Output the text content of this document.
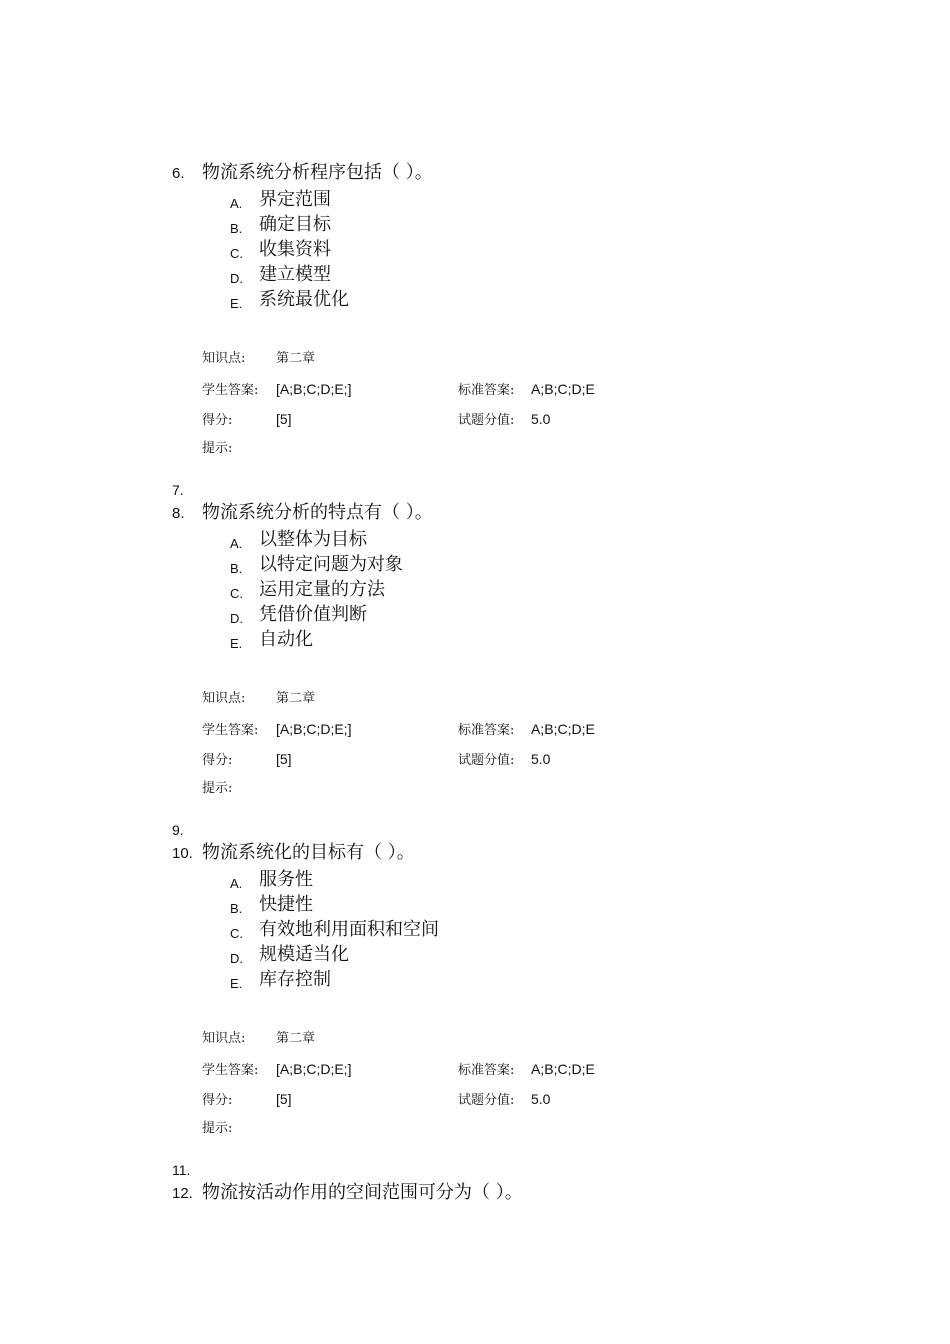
6. 物流系统分析程序包括（ ）。
A. 界定范围
B. 确定目标
C. 收集资料
D. 建立模型
E. 系统最优化
知识点: 第二章
学生答案: [A;B;C;D;E;]	标准答案: A;B;C;D;E
得分:	[5]	试题分值: 5.0
提示:
7.
8. 物流系统分析的特点有（ ）。
A. 以整体为目标
B. 以特定问题为对象
C. 运用定量的方法
D. 凭借价值判断
E. 自动化
知识点: 第二章
学生答案: [A;B;C;D;E;]	标准答案: A;B;C;D;E
得分:	[5]	试题分值: 5.0
提示:
9.
10. 物流系统化的目标有（ ）。
A. 服务性
B. 快捷性
C. 有效地利用面积和空间
D. 规模适当化
E. 库存控制
知识点: 第二章
学生答案: [A;B;C;D;E;]	标准答案: A;B;C;D;E
得分:	[5]	试题分值: 5.0
提示:
11.
12. 物流按活动作用的空间范围可分为（ ）。
